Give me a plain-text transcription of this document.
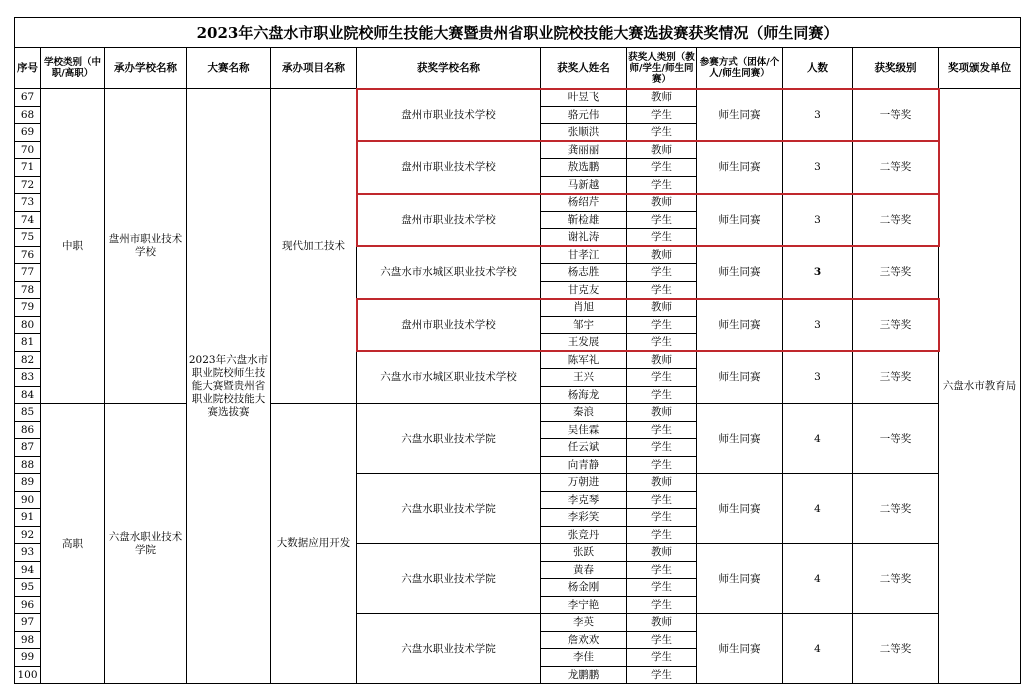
2023年六盘水市职业院校师生技能大赛暨贵州省职业院校技能大赛选拔赛获奖情况（师生同赛）											
序号	学校类别（中职/高职）	承办学校名称	大赛名称	承办项目名称	获奖学校名称	获奖人姓名	获奖人类别（教师/学生/师生同赛）	参赛方式（团体/个人/师生同赛）	人数	获奖级别	奖项颁发单位
67	中职	盘州市职业技术学校	2023年六盘水市职业院校师生技能大赛暨贵州省职业院校技能大赛选拔赛	现代加工技术	盘州市职业技术学校	叶昱飞	教师	师生同赛	3	一等奖	六盘水市教育局
68						骆元伟	学生				
69						张顺洪	学生				
70					盘州市职业技术学校	龚丽丽	教师	师生同赛	3	二等奖	
71						敖选鹏	学生				
72						马新越	学生				
73					盘州市职业技术学校	杨绍芹	教师	师生同赛	3	二等奖	
74						靳检雄	学生				
75						谢礼涛	学生				
76					六盘水市水城区职业技术学校	甘孝江	教师	师生同赛	3	三等奖	
77						杨志胜	学生				
78						甘克友	学生				
79					盘州市职业技术学校	肖旭	教师	师生同赛	3	三等奖	
80						邹宇	学生				
81						王发展	学生				
82					六盘水市水城区职业技术学校	陈军礼	教师	师生同赛	3	三等奖	
83						王兴	学生				
84						杨海龙	学生				
85	高职	六盘水职业技术学院		大数据应用开发	六盘水职业技术学院	秦浪	教师	师生同赛	4	一等奖	
86						吴佳霖	学生				
87						任云斌	学生				
88						向青静	学生				
89					六盘水职业技术学院	万朝进	教师	师生同赛	4	二等奖	
90						李克琴	学生				
91						李彩笑	学生				
92						张竞丹	学生				
93					六盘水职业技术学院	张跃	教师	师生同赛	4	二等奖	
94						黄春	学生				
95						杨金刚	学生				
96						李宁艳	学生				
97					六盘水职业技术学院	李英	教师	师生同赛	4	二等奖	
98						詹欢欢	学生				
99						李佳	学生				
100						龙鹏鹏	学生				
